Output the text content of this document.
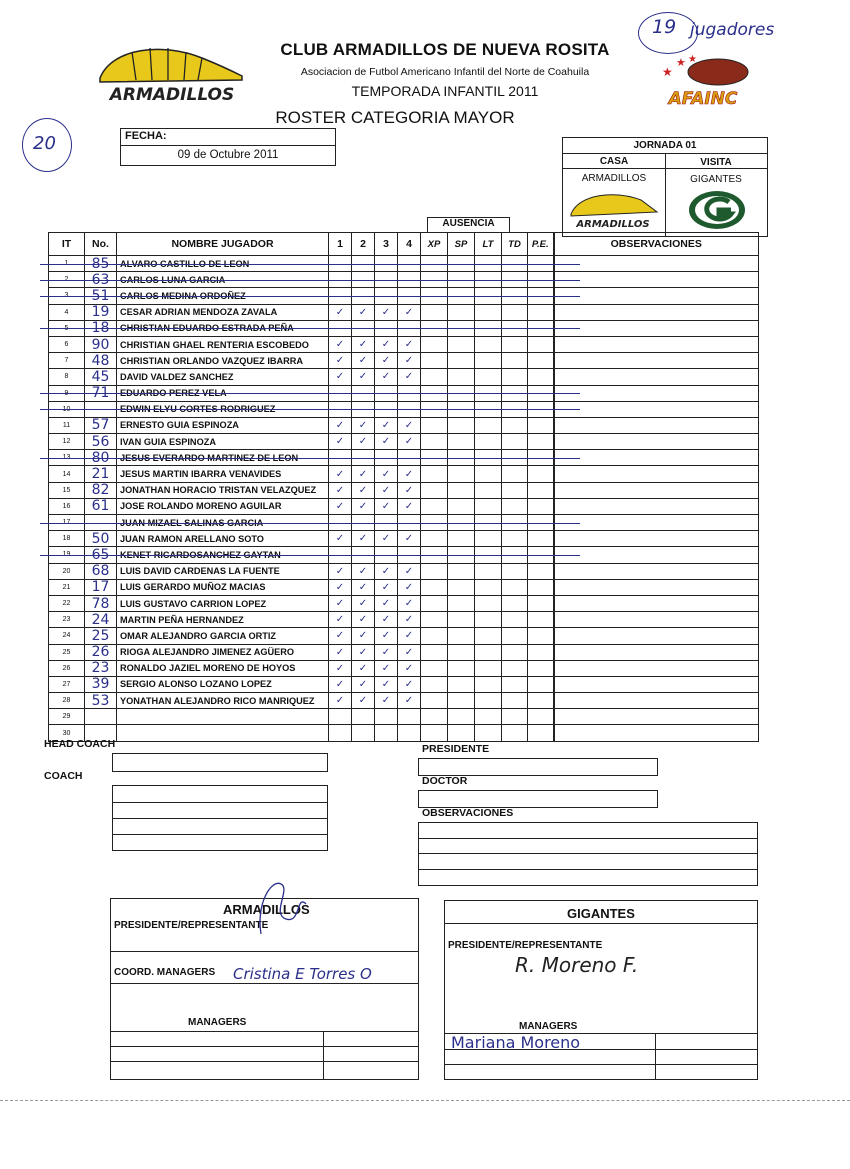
ARMADILLOS
CLUB ARMADILLOS DE NUEVA ROSITA
Asociacion de Futbol Americano Infantil del Norte de Coahuila
TEMPORADA INFANTIL 2011
ROSTER CATEGORIA MAYOR
★
★ ★
AFAINC
19 jugadores
20	FECHA:
09 de Octubre 2011
JORNADA 01
CASA	VISITA
ARMADILLOS	GIGANTES
ARMADILLOS
AUSENCIA
IT	No.	NOMBRE JUGADOR	1	2	3	4	XP	SP	LT	TD	P.E.	OBSERVACIONES
1	85	ALVARO CASTILLO DE LEON										
2	63	CARLOS LUNA GARCIA										
3	51	CARLOS MEDINA ORDOÑEZ										
4	19	CESAR ADRIAN MENDOZA ZAVALA	✓	✓	✓	✓						
5	18	CHRISTIAN EDUARDO ESTRADA PEÑA										
6	90	CHRISTIAN GHAEL RENTERIA ESCOBEDO	✓	✓	✓	✓						
7	48	CHRISTIAN ORLANDO VAZQUEZ IBARRA	✓	✓	✓	✓						
8	45	DAVID VALDEZ SANCHEZ	✓	✓	✓	✓						
9	71	EDUARDO PEREZ VELA										
10		EDWIN ELYU CORTES RODRIGUEZ										
11	57	ERNESTO GUIA ESPINOZA	✓	✓	✓	✓						
12	56	IVAN GUIA ESPINOZA	✓	✓	✓	✓						
13	80	JESUS EVERARDO MARTINEZ DE LEON										
14	21	JESUS MARTIN IBARRA VENAVIDES	✓	✓	✓	✓						
15	82	JONATHAN HORACIO TRISTAN VELAZQUEZ	✓	✓	✓	✓						
16	61	JOSE ROLANDO MORENO AGUILAR	✓	✓	✓	✓						
17		JUAN MIZAEL SALINAS GARCIA										
18	50	JUAN RAMON ARELLANO SOTO	✓	✓	✓	✓						
19	65	KENET RICARDOSANCHEZ GAYTAN										
20	68	LUIS DAVID CARDENAS LA FUENTE	✓	✓	✓	✓						
21	17	LUIS GERARDO MUÑOZ MACIAS	✓	✓	✓	✓						
22	78	LUIS GUSTAVO CARRION LOPEZ	✓	✓	✓	✓						
23	24	MARTIN PEÑA HERNANDEZ	✓	✓	✓	✓						
24	25	OMAR ALEJANDRO GARCIA ORTIZ	✓	✓	✓	✓						
25	26	RIOGA ALEJANDRO JIMENEZ AGÜERO	✓	✓	✓	✓						
26	23	RONALDO JAZIEL MORENO DE HOYOS	✓	✓	✓	✓						
27	39	SERGIO ALONSO LOZANO LOPEZ	✓	✓	✓	✓						
28	53	YONATHAN ALEJANDRO RICO MANRIQUEZ	✓	✓	✓	✓						
29												
30												
HEAD COACH
COACH
PRESIDENTE
DOCTOR
OBSERVACIONES
ARMADILLOS
PRESIDENTE/REPRESENTANTE
COORD. MANAGERS Cristina E Torres O
MANAGERS
GIGANTES
PRESIDENTE/REPRESENTANTE
R. Moreno F.
MANAGERS
Mariana Moreno
